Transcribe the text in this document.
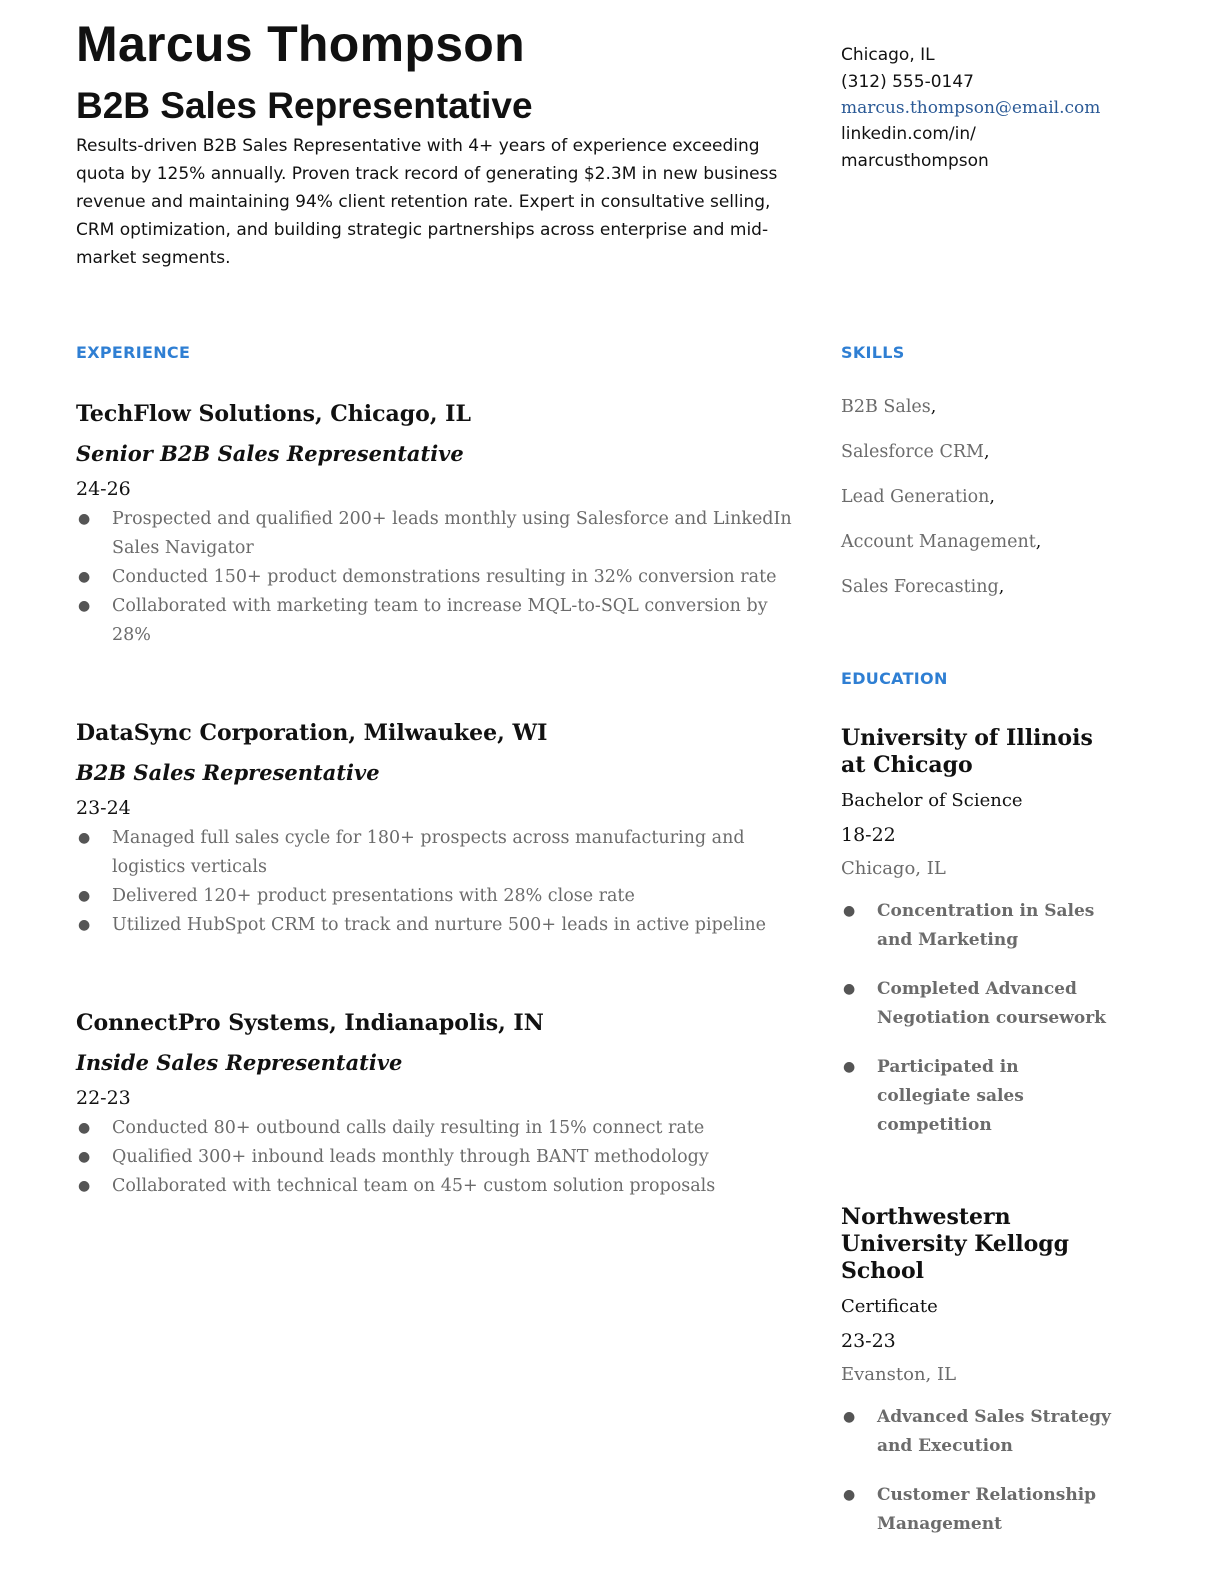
Marcus Thompson
B2B Sales Representative

Results-driven B2B Sales Representative with 4+ years of experience exceeding quota by 125% annually. Proven track record of generating $2.3M in new business revenue and maintaining 94% client retention rate. Expert in consultative selling, CRM optimization, and building strategic partnerships across enterprise and mid-market segments.

Chicago, IL
(312) 555-0147
marcus.thompson@email.com
linkedin.com/in/
marcusthompson
EXPERIENCE	SKILLS
EDUCATION

TechFlow Solutions, Chicago, IL

Senior B2B Sales Representative

24-26

● Prospected and qualified 200+ leads monthly using Salesforce and LinkedIn Sales Navigator
● Conducted 150+ product demonstrations resulting in 32% conversion rate
● Collaborated with marketing team to increase MQL-to-SQL conversion by 28%

DataSync Corporation, Milwaukee, WI

B2B Sales Representative

23-24

● Managed full sales cycle for 180+ prospects across manufacturing and logistics verticals
● Delivered 120+ product presentations with 28% close rate
● Utilized HubSpot CRM to track and nurture 500+ leads in active pipeline

ConnectPro Systems, Indianapolis, IN

Inside Sales Representative

22-23

● Conducted 80+ outbound calls daily resulting in 15% connect rate
● Qualified 300+ inbound leads monthly through BANT methodology
● Collaborated with technical team on 45+ custom solution proposals

B2B Sales,

Salesforce CRM,

Lead Generation,

Account Management,

Sales Forecasting,

University of Illinois at Chicago

Bachelor of Science

18-22

Chicago, IL

● Concentration in Sales and Marketing
● Completed Advanced Negotiation coursework
● Participated in collegiate sales competition

Northwestern University Kellogg School

Certificate

23-23

Evanston, IL

● Advanced Sales Strategy and Execution
● Customer Relationship Management
